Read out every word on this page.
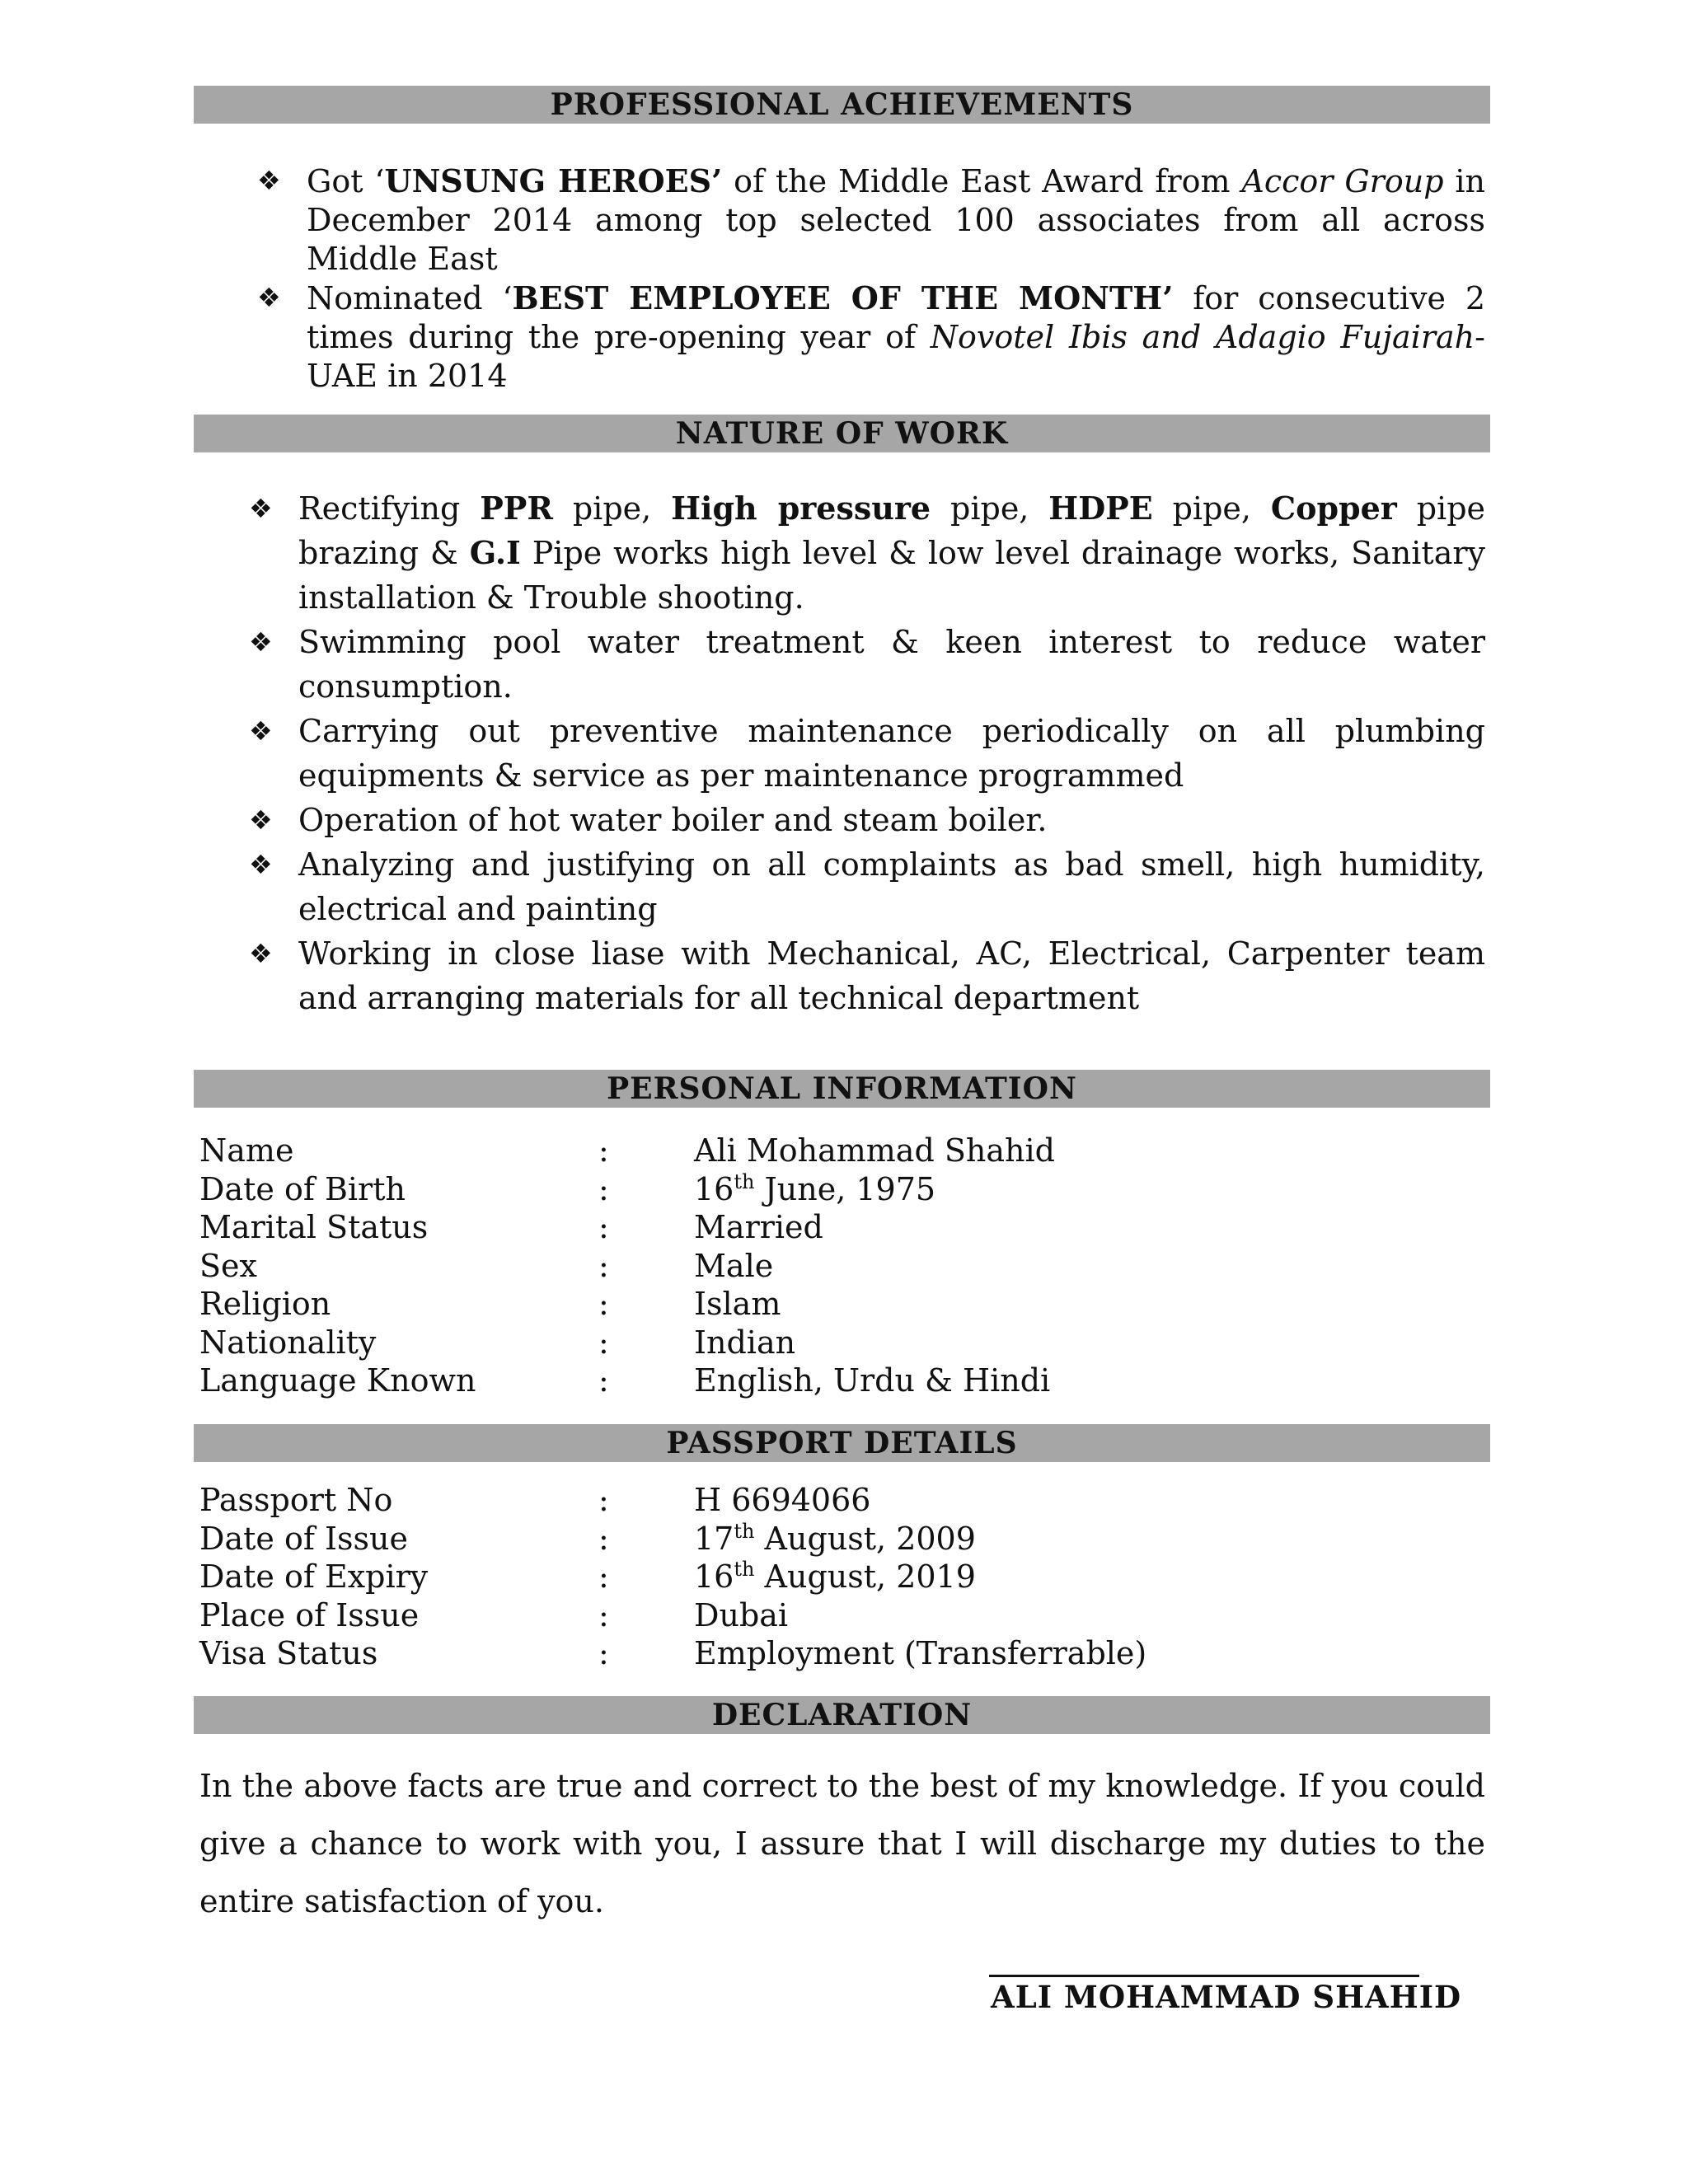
PROFESSIONAL ACHIEVEMENTS
❖ Got ‘UNSUNG HEROES’ of the Middle East Award from Accor Group in December 2014 among top selected 100 associates from all across Middle East
❖ Nominated ‘BEST EMPLOYEE OF THE MONTH’ for consecutive 2 times during the pre-opening year of Novotel Ibis and Adagio Fujairah-UAE in 2014
NATURE OF WORK
❖ Rectifying PPR pipe, High pressure pipe, HDPE pipe, Copper pipe brazing & G.I Pipe works high level & low level drainage works, Sanitary installation & Trouble shooting.
❖ Swimming pool water treatment & keen interest to reduce water consumption.
❖ Carrying out preventive maintenance periodically on all plumbing equipments & service as per maintenance programmed
❖ Operation of hot water boiler and steam boiler.
❖ Analyzing and justifying on all complaints as bad smell, high humidity, electrical and painting
❖ Working in close liase with Mechanical, AC, Electrical, Carpenter team and arranging materials for all technical department
PERSONAL INFORMATION
Name	:	Ali Mohammad Shahid
Date of Birth	:	16th June, 1975
Marital Status	:	Married
Sex	:	Male
Religion	:	Islam
Nationality	:	Indian
Language Known	:	English, Urdu & Hindi
PASSPORT DETAILS
Passport No	:	H 6694066
Date of Issue	:	17th August, 2009
Date of Expiry	:	16th August, 2019
Place of Issue	:	Dubai
Visa Status	:	Employment (Transferrable)
DECLARATION

In the above facts are true and correct to the best of my knowledge. If you could give a chance to work with you, I assure that I will discharge my duties to the entire satisfaction of you.

ALI MOHAMMAD SHAHID
